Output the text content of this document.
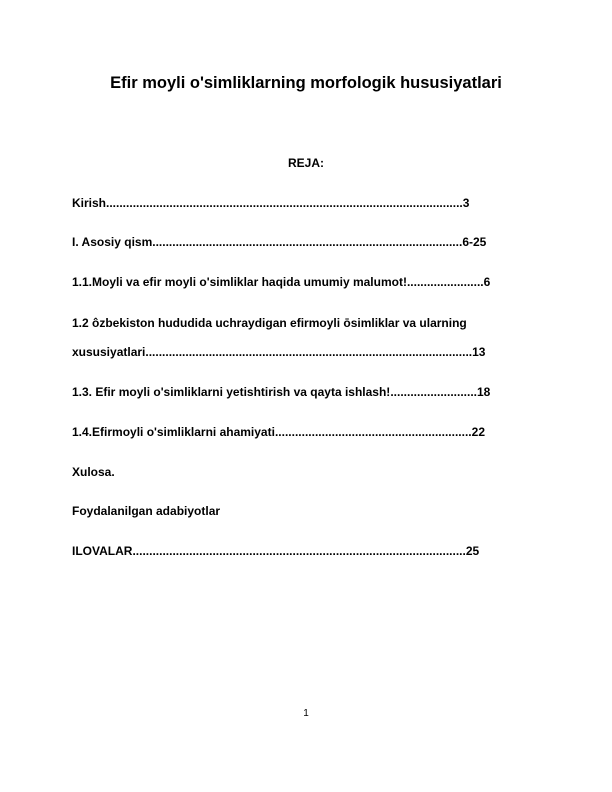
Efir moyli o'simliklarning morfologik hususiyatlari
REJA:
Kirish...........................................................................................................3
I. Asosiy qism.............................................................................................6-25
1.1.Moyli va efir moyli o'simliklar haqida umumiy malumot!.......................6
1.2 ôzbekiston hududida uchraydigan efirmoyli ōsimliklar va ularning
xususiyatlari..................................................................................................13
1.3. Efir moyli o'simliklarni yetishtirish va qayta ishlash!..........................18
1.4.Efirmoyli o'simliklarni ahamiyati...........................................................22
Xulosa.
Foydalanilgan adabiyotlar
ILOVALAR....................................................................................................25
1
